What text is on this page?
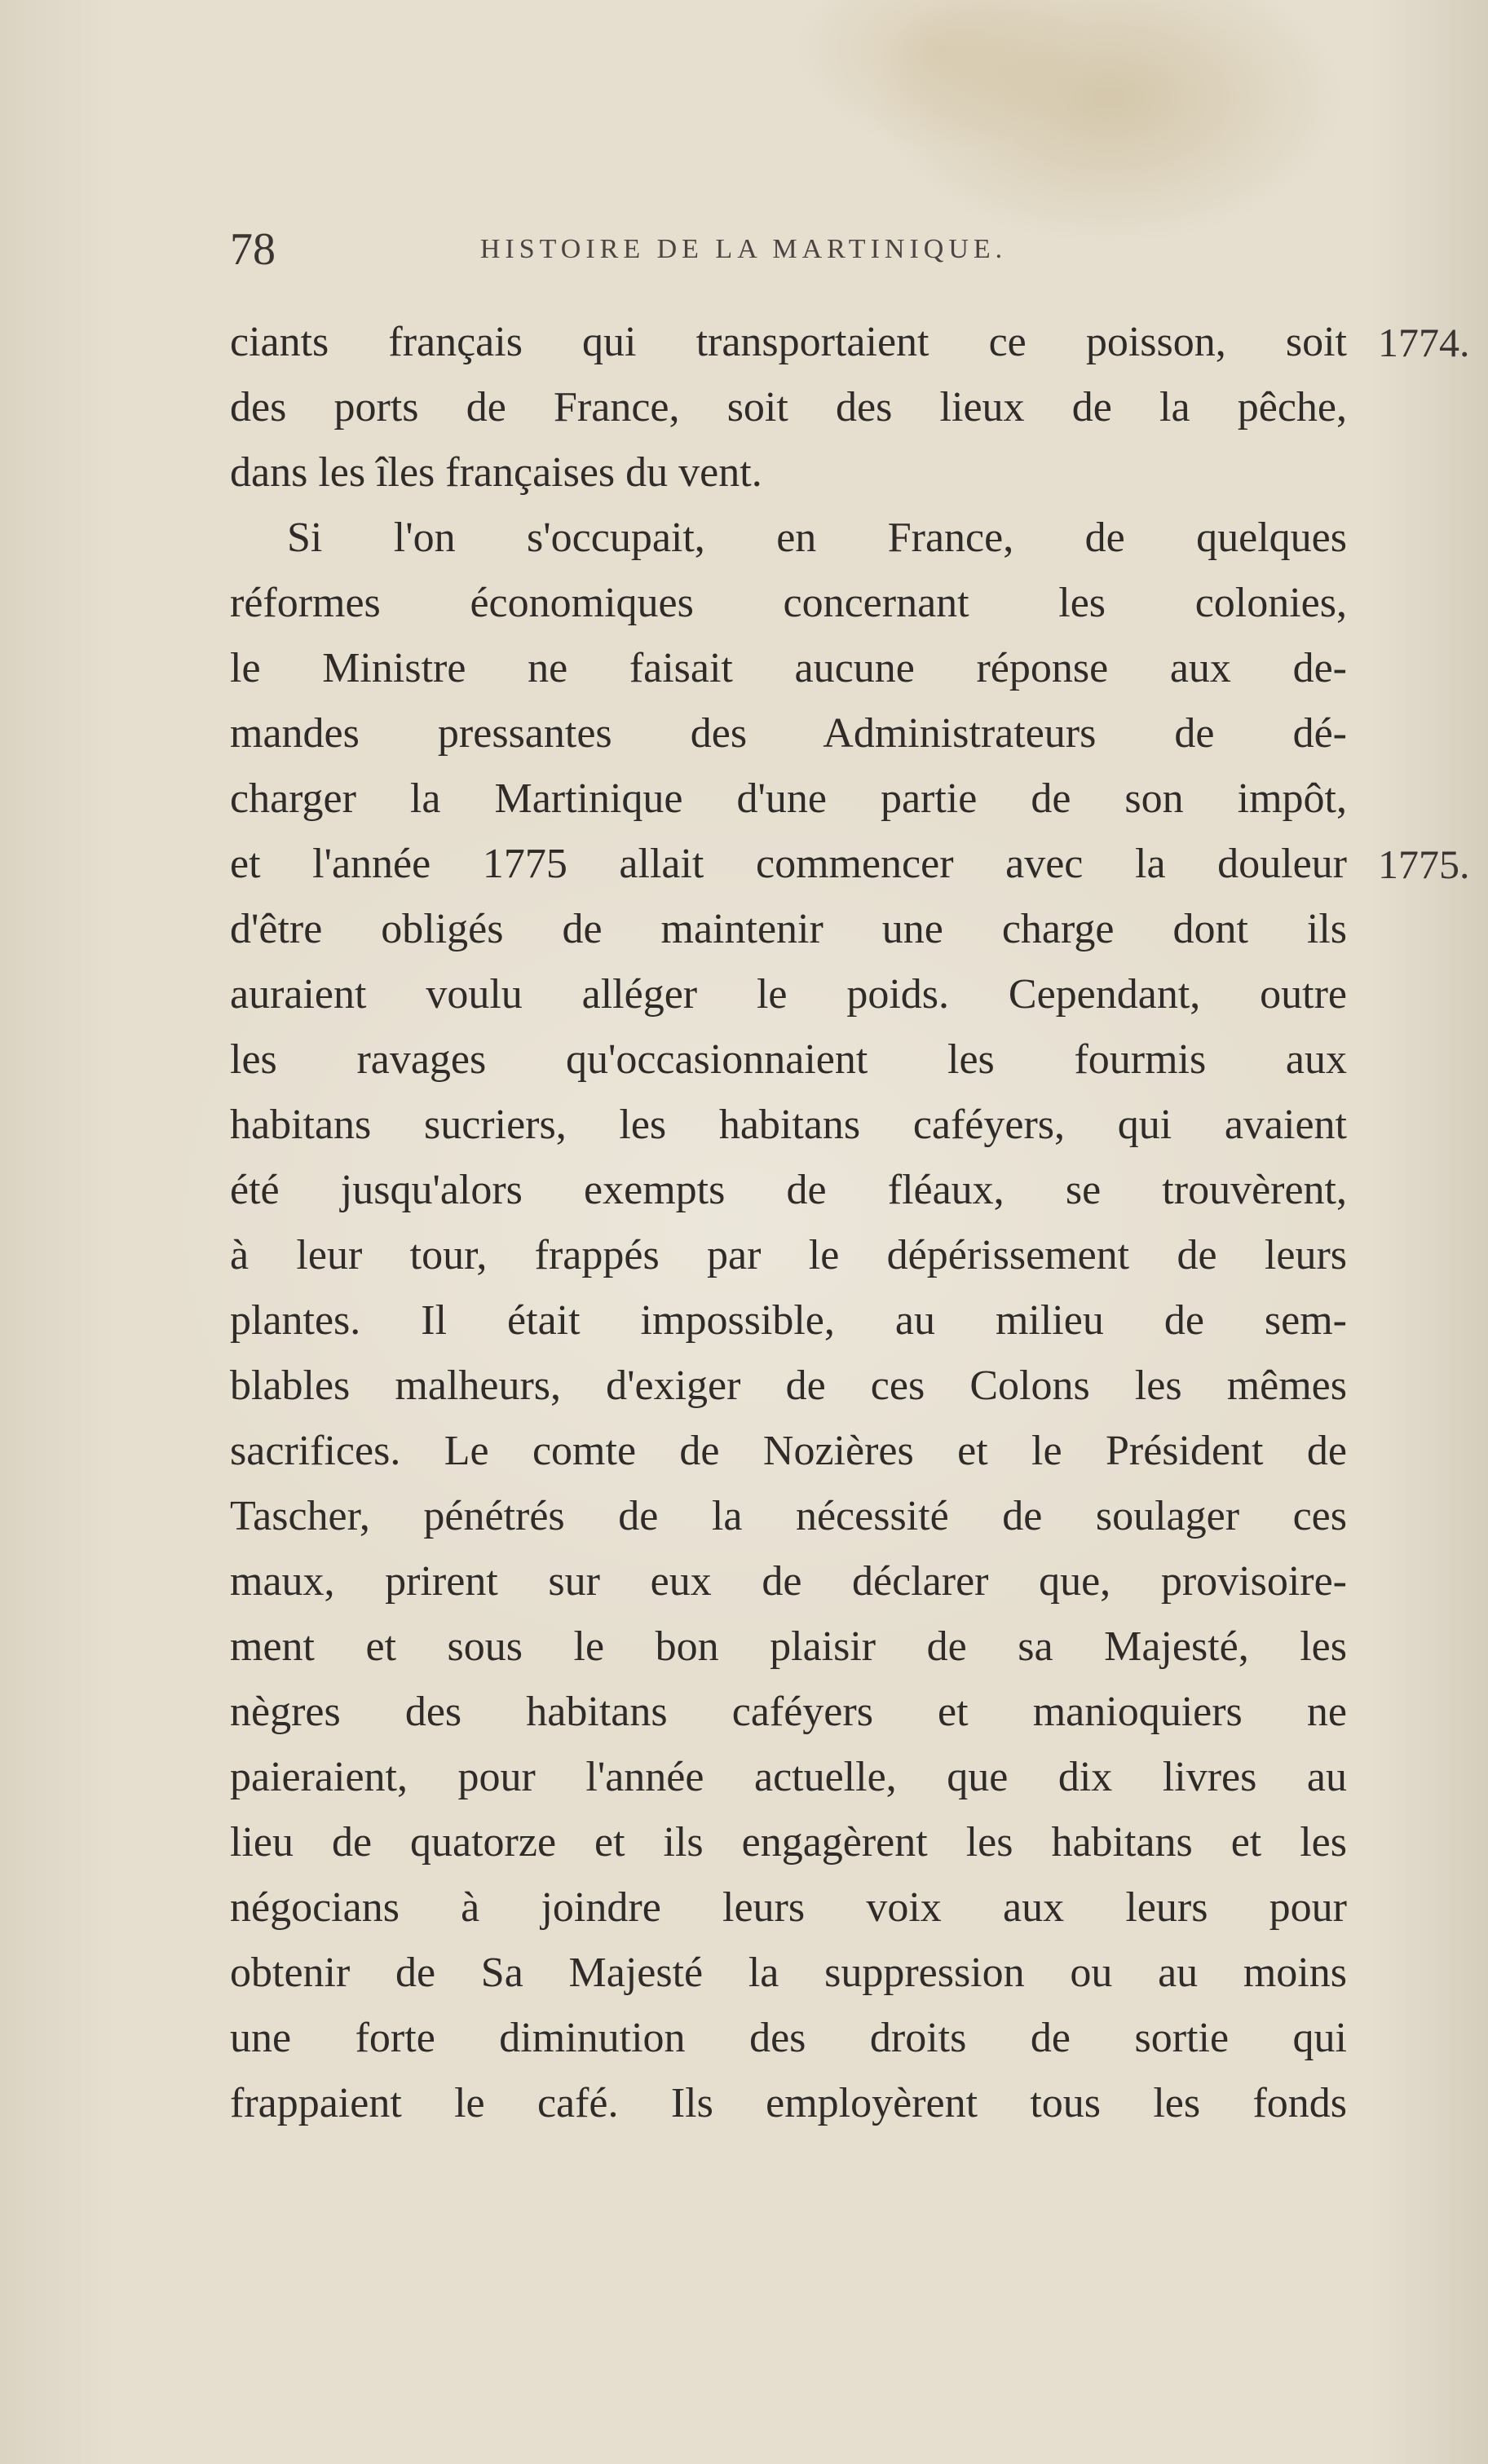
78	HISTOIRE DE LA MARTINIQUE.
ciants français qui transportaient ce poisson, soit
des ports de France, soit des lieux de la pêche,
dans les îles françaises du vent.
Si l'on s'occupait, en France, de quelques
réformes économiques concernant les colonies,
le Ministre ne faisait aucune réponse aux de-
mandes pressantes des Administrateurs de dé-
charger la Martinique d'une partie de son impôt,
et l'année 1775 allait commencer avec la douleur
d'être obligés de maintenir une charge dont ils
auraient voulu alléger le poids. Cependant, outre
les ravages qu'occasionnaient les fourmis aux
habitans sucriers, les habitans caféyers, qui avaient
été jusqu'alors exempts de fléaux, se trouvèrent,
à leur tour, frappés par le dépérissement de leurs
plantes. Il était impossible, au milieu de sem-
blables malheurs, d'exiger de ces Colons les mêmes
sacrifices. Le comte de Nozières et le Président de
Tascher, pénétrés de la nécessité de soulager ces
maux, prirent sur eux de déclarer que, provisoire-
ment et sous le bon plaisir de sa Majesté, les
nègres des habitans caféyers et manioquiers ne
paieraient, pour l'année actuelle, que dix livres au
lieu de quatorze et ils engagèrent les habitans et les
négocians à joindre leurs voix aux leurs pour
obtenir de Sa Majesté la suppression ou au moins
une forte diminution des droits de sortie qui
frappaient le café. Ils employèrent tous les fonds
1774.
1775.
